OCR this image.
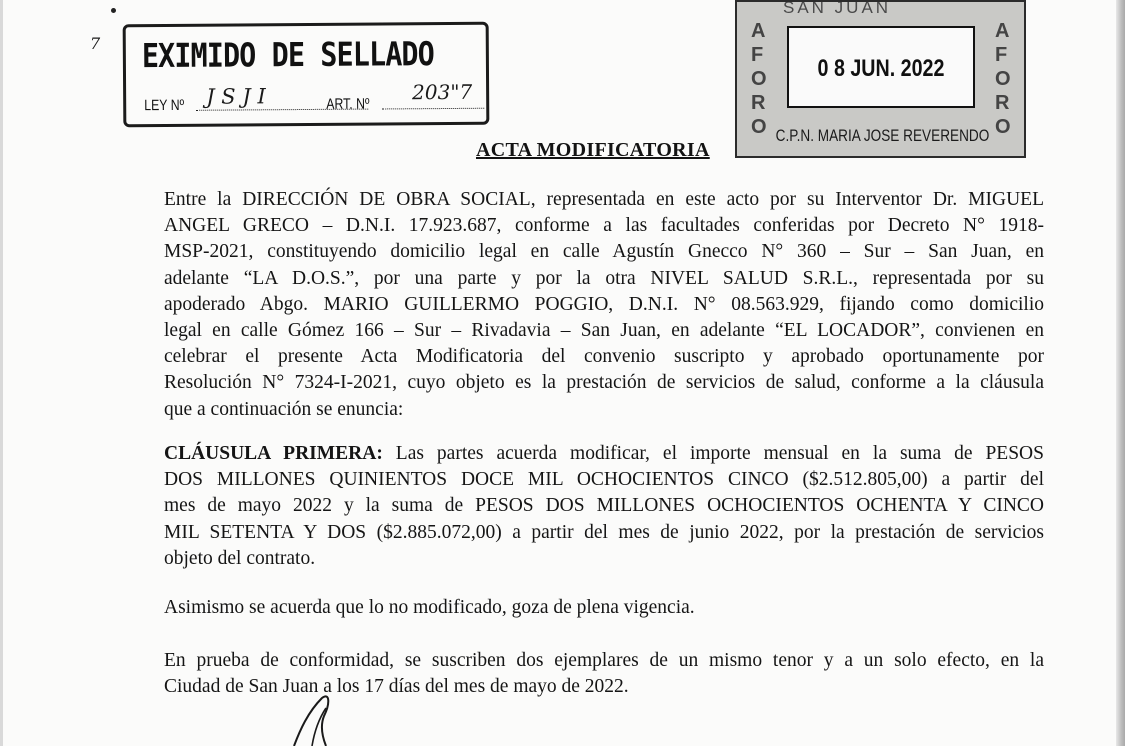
7 EXIMIDO DE SELLADO
LEY Nº J S J I	ART. Nº 203"7
SAN JUAN
A
F
O
R
O
A
F
O
R
O
0 8 JUN. 2022
C.P.N. MARIA JOSE REVERENDO
ACTA MODIFICATORIA
Entre la DIRECCIÓN DE OBRA SOCIAL, representada en este acto por su Interventor Dr. MIGUEL
ANGEL GRECO – D.N.I. 17.923.687, conforme a las facultades conferidas por Decreto N° 1918-
MSP-2021, constituyendo domicilio legal en calle Agustín Gnecco N° 360 – Sur – San Juan, en
adelante “LA D.O.S.”, por una parte y por la otra NIVEL SALUD S.R.L., representada por su
apoderado Abgo. MARIO GUILLERMO POGGIO, D.N.I. N° 08.563.929, fijando como domicilio
legal en calle Gómez 166 – Sur – Rivadavia – San Juan, en adelante “EL LOCADOR”, convienen en
celebrar el presente Acta Modificatoria del convenio suscripto y aprobado oportunamente por
Resolución N° 7324-I-2021, cuyo objeto es la prestación de servicios de salud, conforme a la cláusula
que a continuación se enuncia:
CLÁUSULA PRIMERA: Las partes acuerda modificar, el importe mensual en la suma de PESOS
DOS MILLONES QUINIENTOS DOCE MIL OCHOCIENTOS CINCO ($2.512.805,00) a partir del
mes de mayo 2022 y la suma de PESOS DOS MILLONES OCHOCIENTOS OCHENTA Y CINCO
MIL SETENTA Y DOS ($2.885.072,00) a partir del mes de junio 2022, por la prestación de servicios
objeto del contrato.
Asimismo se acuerda que lo no modificado, goza de plena vigencia.
En prueba de conformidad, se suscriben dos ejemplares de un mismo tenor y a un solo efecto, en la
Ciudad de San Juan a los 17 días del mes de mayo de 2022.
